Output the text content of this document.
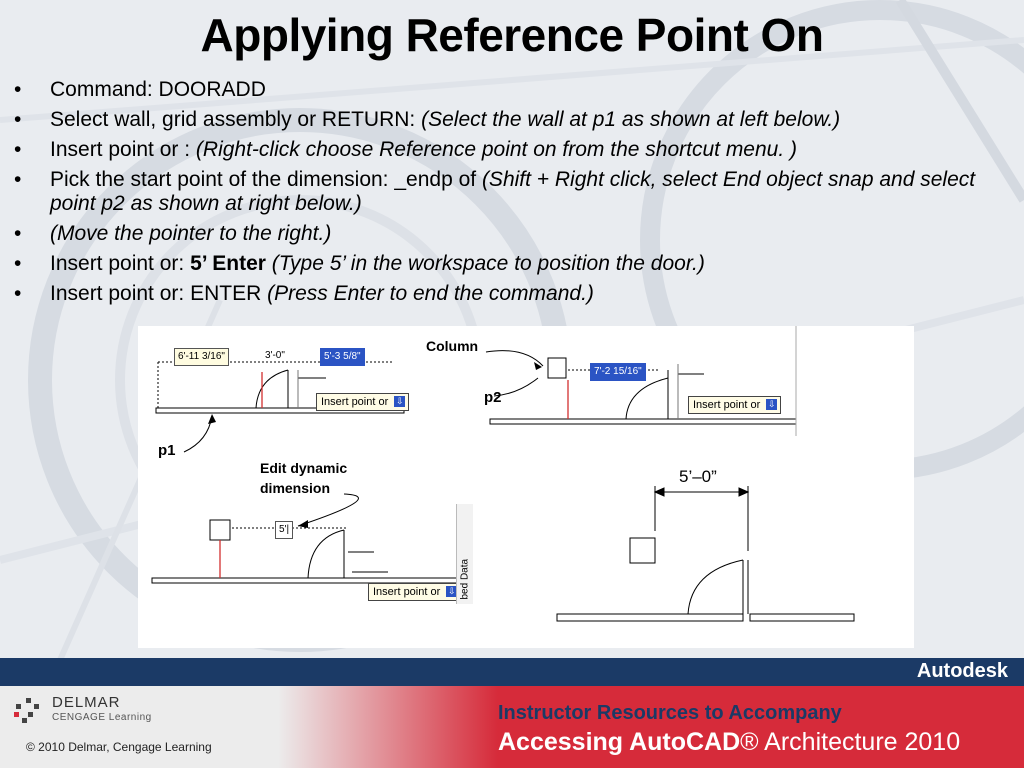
Applying Reference Point On
• Command: DOORADD
• Select wall, grid assembly or RETURN: (Select the wall at p1 as shown at left below.)
• Insert point or : (Right-click choose Reference point on from the shortcut menu. )
• Pick the start point of the dimension: _endp of (Shift + Right click, select End object snap and select point p2 as shown at right below.)
• (Move the pointer to the right.)
• Insert point or: 5’ Enter (Type 5’ in the workspace to position the door.)
• Insert point or: ENTER (Press Enter to end the command.)
6'-11 3/16"	3'-0"	5'-3 5/8"
Insert point or ⇩
p1
Column
7'-2 15/16"
Insert point or ⇩
p2
Edit dynamic
dimension
5'|
Insert point or ⇩ bed Data
5’–0”
Autodesk
DELMAR
CENGAGE Learning
© 2010 Delmar, Cengage Learning
Instructor Resources to Accompany
Accessing AutoCAD® Architecture 2010
